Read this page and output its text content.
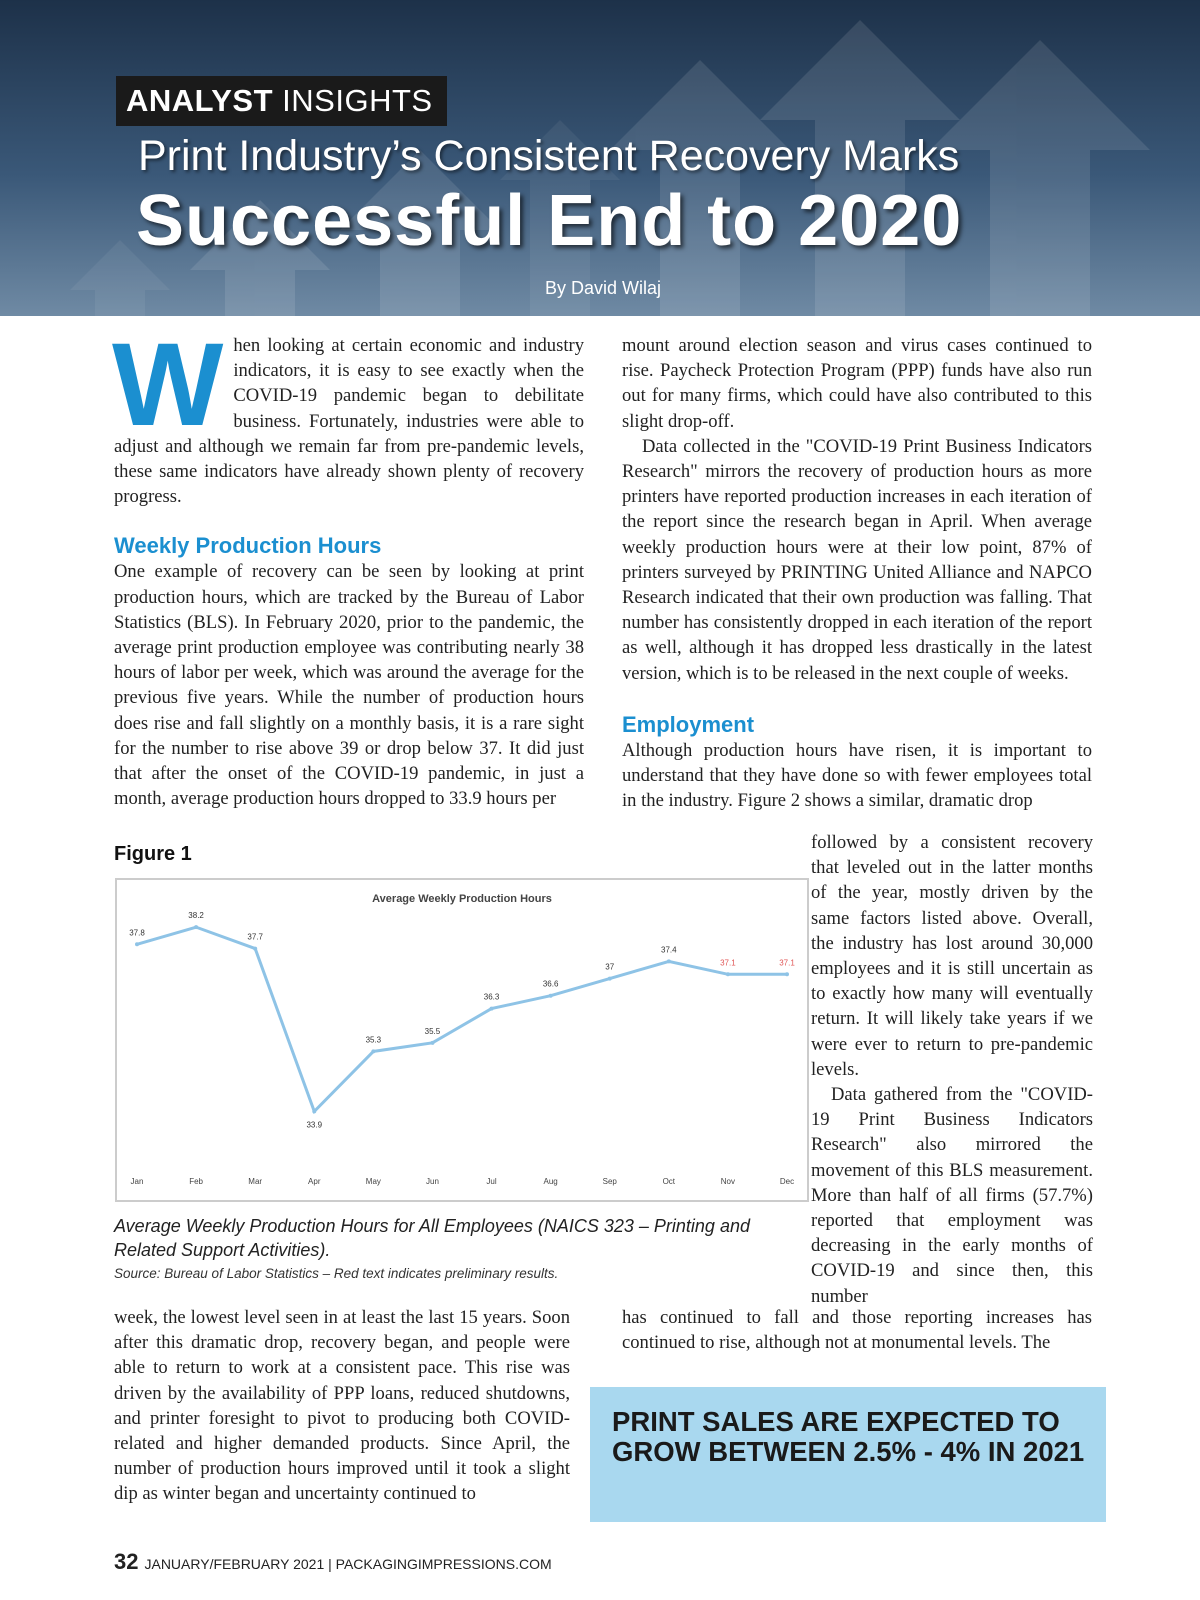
ANALYST INSIGHTS
Print Industry’s Consistent Recovery Marks
Successful End to 2020
By David Wilaj

When looking at certain economic and industry indicators, it is easy to see exactly when the COVID-19 pandemic began to debilitate business. Fortunately, industries were able to adjust and although we remain far from pre-pandemic levels, these same indicators have already shown plenty of recovery progress.

Weekly Production Hours

One example of recovery can be seen by looking at print production hours, which are tracked by the Bureau of Labor Statistics (BLS). In February 2020, prior to the pandemic, the average print production employee was contributing nearly 38 hours of labor per week, which was around the average for the previous five years. While the number of production hours does rise and fall slightly on a monthly basis, it is a rare sight for the number to rise above 39 or drop below 37. It did just that after the onset of the COVID-19 pandemic, in just a month, average production hours dropped to 33.9 hours per

mount around election season and virus cases continued to rise. Paycheck Protection Program (PPP) funds have also run out for many firms, which could have also contributed to this slight drop-off.

Data collected in the "COVID-19 Print Business Indicators Research" mirrors the recovery of production hours as more printers have reported production increases in each iteration of the report since the research began in April. When average weekly production hours were at their low point, 87% of printers surveyed by PRINTING United Alliance and NAPCO Research indicated that their own production was falling. That number has consistently dropped in each iteration of the report as well, although it has dropped less drastically in the latest version, which is to be released in the next couple of weeks.

Employment

Although production hours have risen, it is important to understand that they have done so with fewer employees total in the industry. Figure 2 shows a similar, dramatic drop

followed by a consistent recovery that leveled out in the latter months of the year, mostly driven by the same factors listed above. Overall, the industry has lost around 30,000 employees and it is still uncertain as to exactly how many will eventually return. It will likely take years if we were ever to return to pre-pandemic levels.

Data gathered from the "COVID-19 Print Business Indicators Research" also mirrored the movement of this BLS measurement. More than half of all firms (57.7%) reported that employment was decreasing in the early months of COVID-19 and since then, this number

has continued to fall and those reporting increases has continued to rise, although not at monumental levels. The

Figure 1
Average Weekly Production Hours
37.8
Jan
38.2
Feb
37.7
Mar
33.9
Apr
35.3
May
35.5
Jun
36.3
Jul
36.6
Aug
37
Sep
37.4
Oct
37.1
Nov
37.1
Dec

Average Weekly Production Hours for All Employees (NAICS 323 – Printing and Related Support Activities).

Source: Bureau of Labor Statistics – Red text indicates preliminary results.

week, the lowest level seen in at least the last 15 years. Soon after this dramatic drop, recovery began, and people were able to return to work at a consistent pace. This rise was driven by the availability of PPP loans, reduced shutdowns, and printer foresight to pivot to producing both COVID-related and higher demanded products. Since April, the number of production hours improved until it took a slight dip as winter began and uncertainty continued to

PRINT SALES ARE EXPECTED TO GROW BETWEEN 2.5% - 4% IN 2021

32 JANUARY/FEBRUARY 2021 | PACKAGINGIMPRESSIONS.COM
